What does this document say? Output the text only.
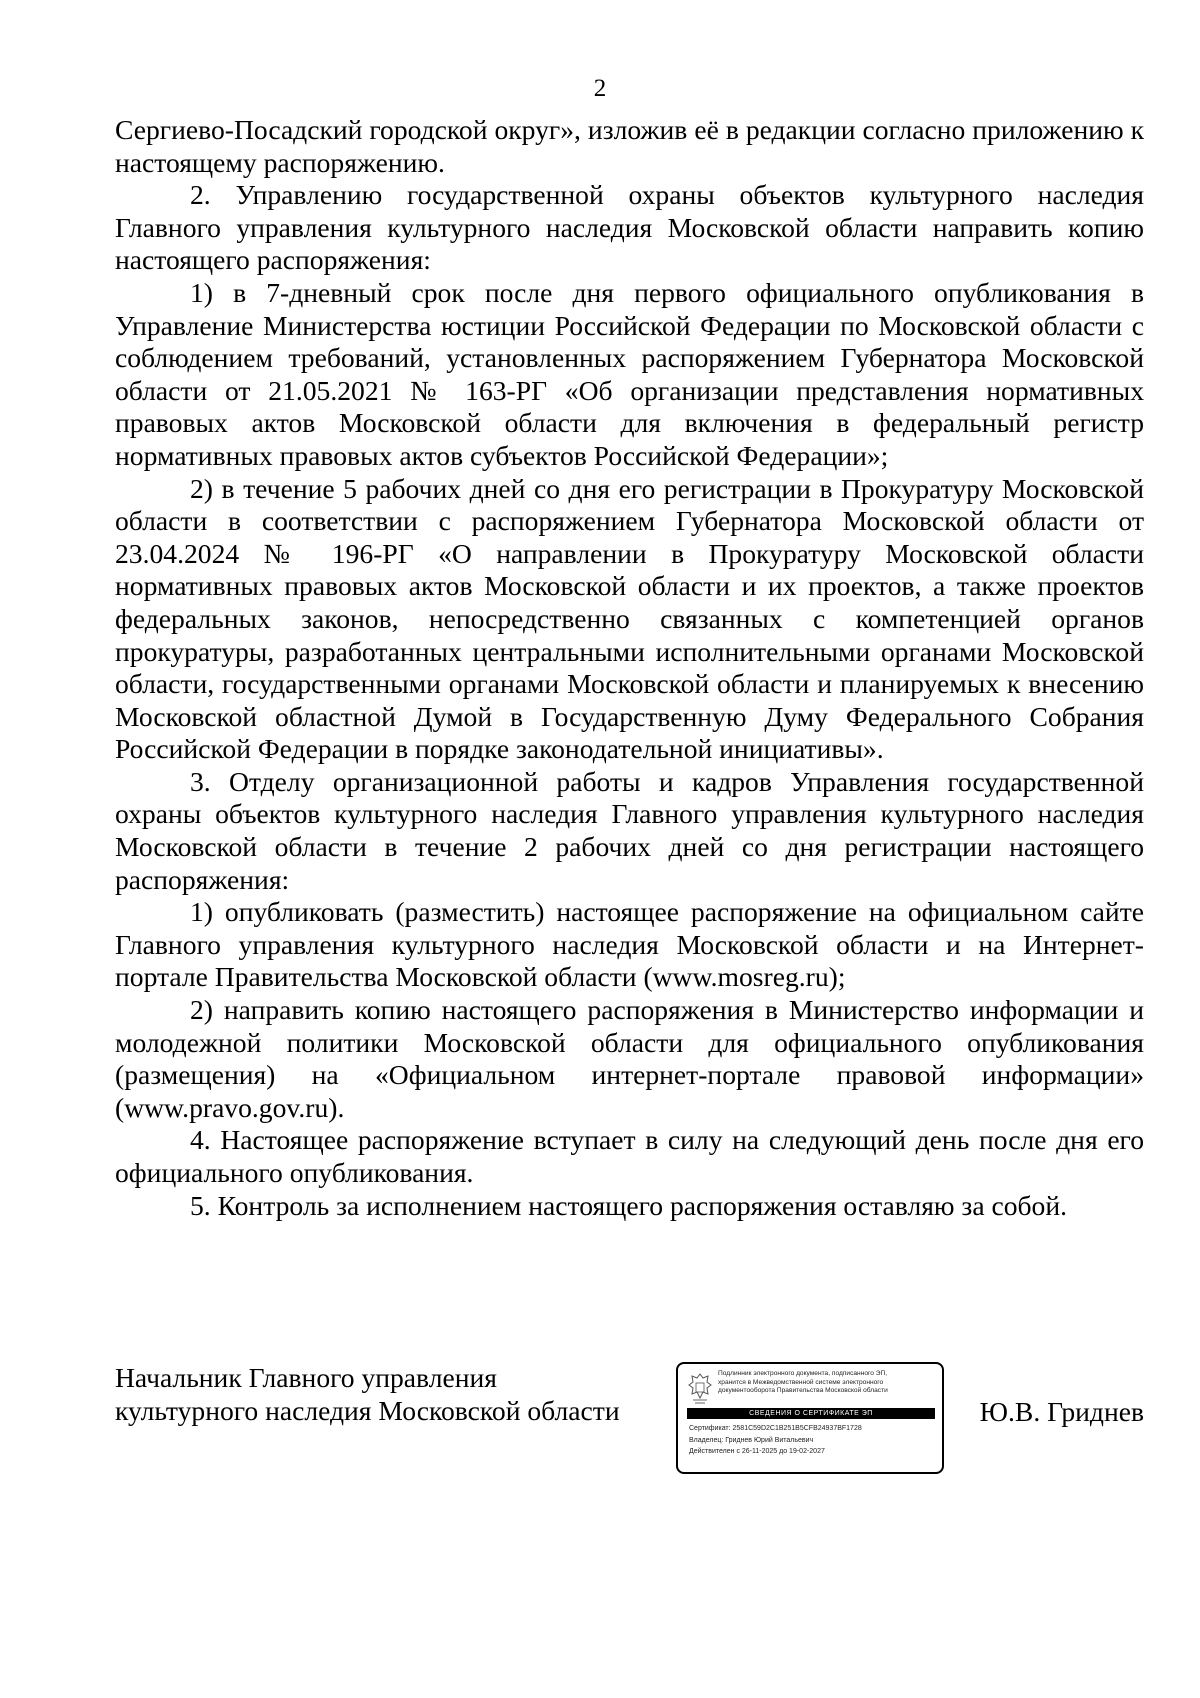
2

Сергиево-Посадский городской округ», изложив её в редакции согласно приложению к настоящему распоряжению.

2. Управлению государственной охраны объектов культурного наследия Главного управления культурного наследия Московской области направить копию настоящего распоряжения:

1) в 7-дневный срок после дня первого официального опубликования в Управление Министерства юстиции Российской Федерации по Московской области с соблюдением требований, установленных распоряжением Губернатора Московской области от 21.05.2021 № 163-РГ «Об организации представления нормативных правовых актов Московской области для включения в федеральный регистр нормативных правовых актов субъектов Российской Федерации»;

2) в течение 5 рабочих дней со дня его регистрации в Прокуратуру Московской области в соответствии с распоряжением Губернатора Московской области от 23.04.2024 № 196-РГ «О направлении в Прокуратуру Московской области нормативных правовых актов Московской области и их проектов, а также проектов федеральных законов, непосредственно связанных с компетенцией органов прокуратуры, разработанных центральными исполнительными органами Московской области, государственными органами Московской области и планируемых к внесению Московской областной Думой в Государственную Думу Федерального Собрания Российской Федерации в порядке законодательной инициативы».

3. Отделу организационной работы и кадров Управления государственной охраны объектов культурного наследия Главного управления культурного наследия Московской области в течение 2 рабочих дней со дня регистрации настоящего распоряжения:

1) опубликовать (разместить) настоящее распоряжение на официальном сайте Главного управления культурного наследия Московской области и на Интернет-портале Правительства Московской области (www.mosreg.ru);

2) направить копию настоящего распоряжения в Министерство информации и молодежной политики Московской области для официального опубликования (размещения) на «Официальном интернет-портале правовой информации» (www.pravo.gov.ru).

4. Настоящее распоряжение вступает в силу на следующий день после дня его официального опубликования.

5. Контроль за исполнением настоящего распоряжения оставляю за собой.

Начальник Главного управления
культурного наследия Московской области	Ю.В. Гриднев
Подлинник электронного документа, подписанного ЭП,
хранится в Межведомственной системе электронного
документооборота Правительства Московской области
СВЕДЕНИЯ О СЕРТИФИКАТЕ ЭП
Сертификат: 2581C59D2C1B251B5CFB24937BF1728
Владелец: Гриднев Юрий Витальевич
Действителен с 26-11-2025 до 19-02-2027
